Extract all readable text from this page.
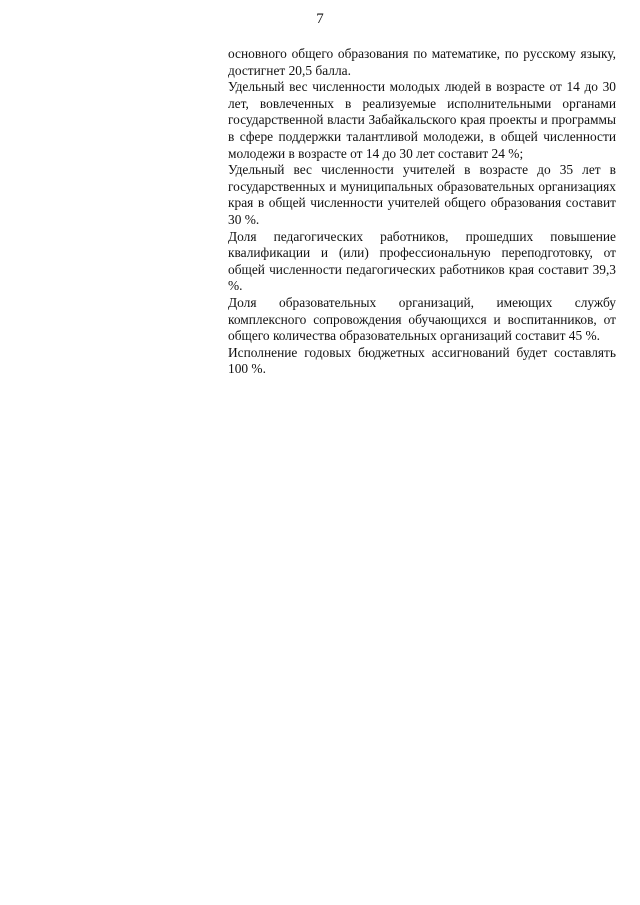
7

основного общего образования по математике, по русскому языку, достигнет 20,5 балла.

Удельный вес численности молодых людей в возрасте от 14 до 30 лет, вовлеченных в реализуемые исполнительными органами государственной власти Забайкальского края проекты и программы в сфере поддержки талантливой молодежи, в общей численности молодежи в возрасте от 14 до 30 лет составит 24 %;

Удельный вес численности учителей в возрасте до 35 лет в государственных и муниципальных образовательных организациях края в общей численности учителей общего образования составит 30 %.

Доля педагогических работников, прошедших повышение квалификации и (или) профессиональную переподготовку, от общей численности педагогических работников края составит 39,3 %.

Доля образовательных организаций, имеющих службу комплексного сопровождения обучающихся и воспитанников, от общего количества образовательных организаций составит 45 %.

Исполнение годовых бюджетных ассигнований будет составлять 100 %.
